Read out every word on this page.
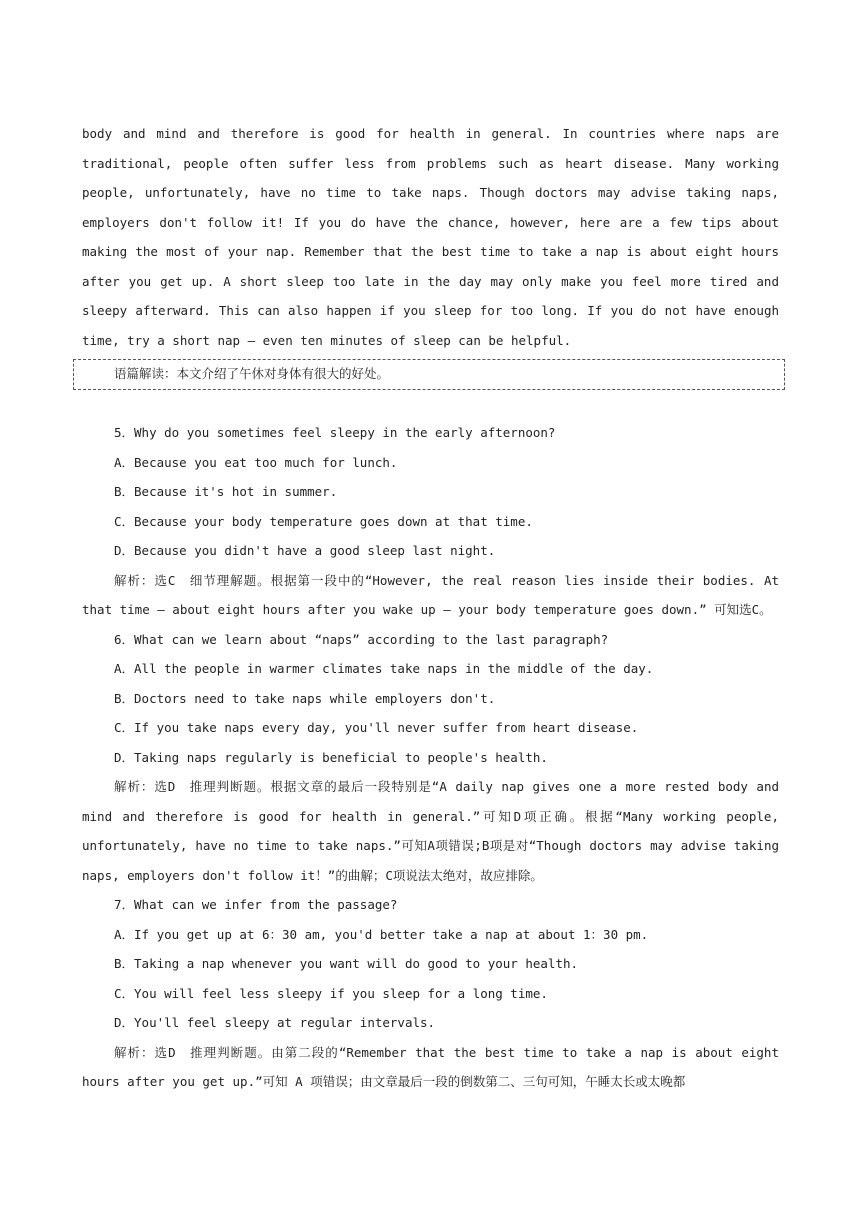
body and mind and therefore is good for health in general. In countries where naps are traditional, people often suffer less from problems such as heart disease. Many working people, unfortunately, have no time to take naps. Though doctors may advise taking naps, employers don't follow it! If you do have the chance, however, here are a few tips about making the most of your nap. Remember that the best time to take a nap is about eight hours after you get up. A short sleep too late in the day may only make you feel more tired and sleepy afterward. This can also happen if you sleep for too long. If you do not have enough time, try a short nap — even ten minutes of sleep can be helpful.

语篇解读：本文介绍了午休对身体有很大的好处。

5．Why do you sometimes feel sleepy in the early afternoon?

A．Because you eat too much for lunch.

B．Because it's hot in summer.

C．Because your body temperature goes down at that time.

D．Because you didn't have a good sleep last night.

解析：选C　细节理解题。根据第一段中的“However, the real reason lies inside their bodies. At that time — about eight hours after you wake up — your body temperature goes down.” 可知选C。

6．What can we learn about “naps” according to the last paragraph?

A．All the people in warmer climates take naps in the middle of the day.

B．Doctors need to take naps while employers don't.

C．If you take naps every day, you'll never suffer from heart disease.

D．Taking naps regularly is beneficial to people's health.

解析：选D　推理判断题。根据文章的最后一段特别是“A daily nap gives one a more rested body and mind and therefore is good for health in general.”可知D项正确。根据“Many working people, unfortunately, have no time to take naps.”可知A项错误;B项是对“Though doctors may advise taking naps, employers don't follow it！”的曲解；C项说法太绝对，故应排除。

7．What can we infer from the passage?

A．If you get up at 6：30 am, you'd better take a nap at about 1：30 pm.

B．Taking a nap whenever you want will do good to your health.

C．You will feel less sleepy if you sleep for a long time.

D．You'll feel sleepy at regular intervals.

解析：选D　推理判断题。由第二段的“Remember that the best time to take a nap is about eight hours after you get up.”可知 A 项错误；由文章最后一段的倒数第二、三句可知，午睡太长或太晚都
